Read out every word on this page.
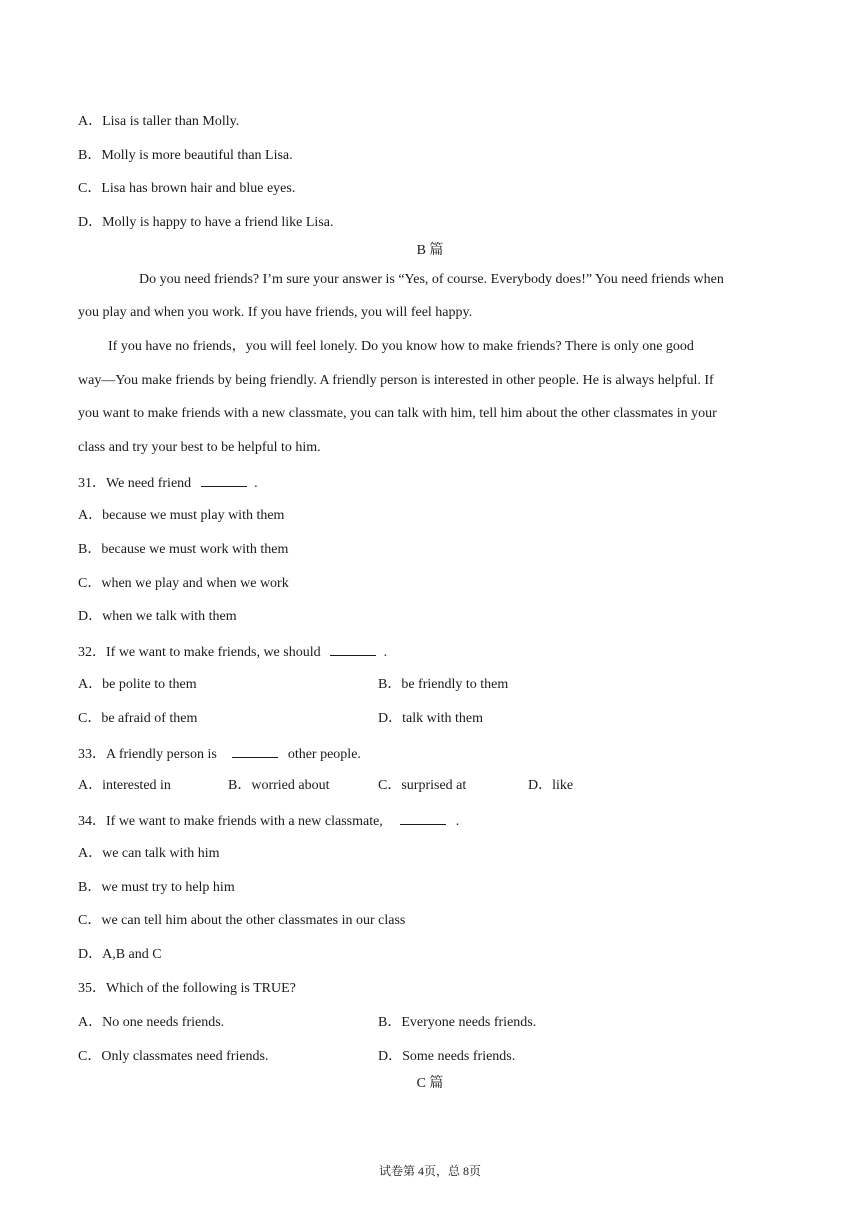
A．Lisa is taller than Molly.
B．Molly is more beautiful than Lisa.
C．Lisa has brown hair and blue eyes.
D．Molly is happy to have a friend like Lisa.
B 篇
Do you need friends? I’m sure your answer is “Yes, of course. Everybody does!” You need friends when
you play and when you work. If you have friends, you will feel happy.
If you have no friends，you will feel lonely. Do you know how to make friends? There is only one good
way—You make friends by being friendly. A friendly person is interested in other people. He is always helpful. If
you want to make friends with a new classmate, you can talk with him, tell him about the other classmates in your
class and try your best to be helpful to him.
31．We need friend	.
A．because we must play with them
B．because we must work with them
C．when we play and when we work
D．when we talk with them
32．If we want to make friends, we should	.
A．be polite to them	B．be friendly to them
C．be afraid of them	D．talk with them
33．A friendly person is	other people.
A．interested in	B．worried about	C．surprised at	D．like
34．If we want to make friends with a new classmate,	.
A．we can talk with him
B．we must try to help him
C．we can tell him about the other classmates in our class
D．A,B and C
35．Which of the following is TRUE?
A．No one needs friends.	B．Everyone needs friends.
C．Only classmates need friends.	D．Some needs friends.
C 篇
试卷第 4页，总 8页
